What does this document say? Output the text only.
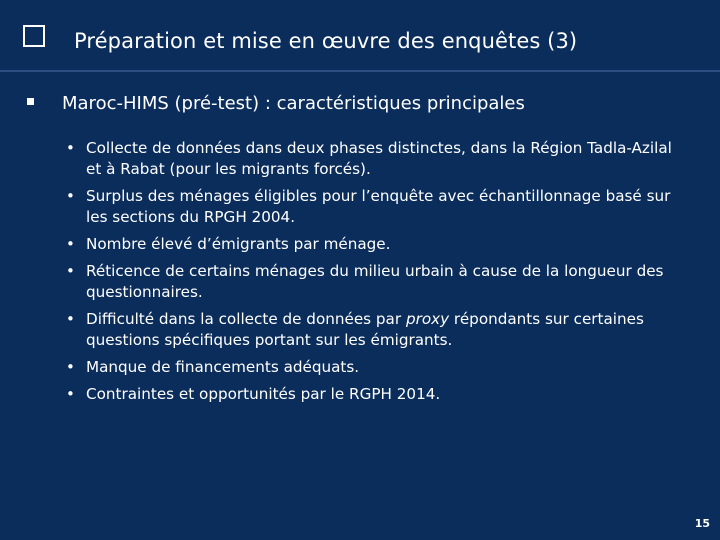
Préparation et mise en œuvre des enquêtes (3)
Maroc-HIMS (pré-test) : caractéristiques principales
• Collecte de données dans deux phases distinctes, dans la Région Tadla-Azilal et à Rabat (pour les migrants forcés).
• Surplus des ménages éligibles pour l’enquête avec échantillonnage basé sur les sections du RPGH 2004.
• Nombre élevé d’émigrants par ménage.
• Réticence de certains ménages du milieu urbain à cause de la longueur des questionnaires.
• Difficulté dans la collecte de données par proxy répondants sur certaines questions spécifiques portant sur les émigrants.
• Manque de financements adéquats.
• Contraintes et opportunités par le RGPH 2014.
15
